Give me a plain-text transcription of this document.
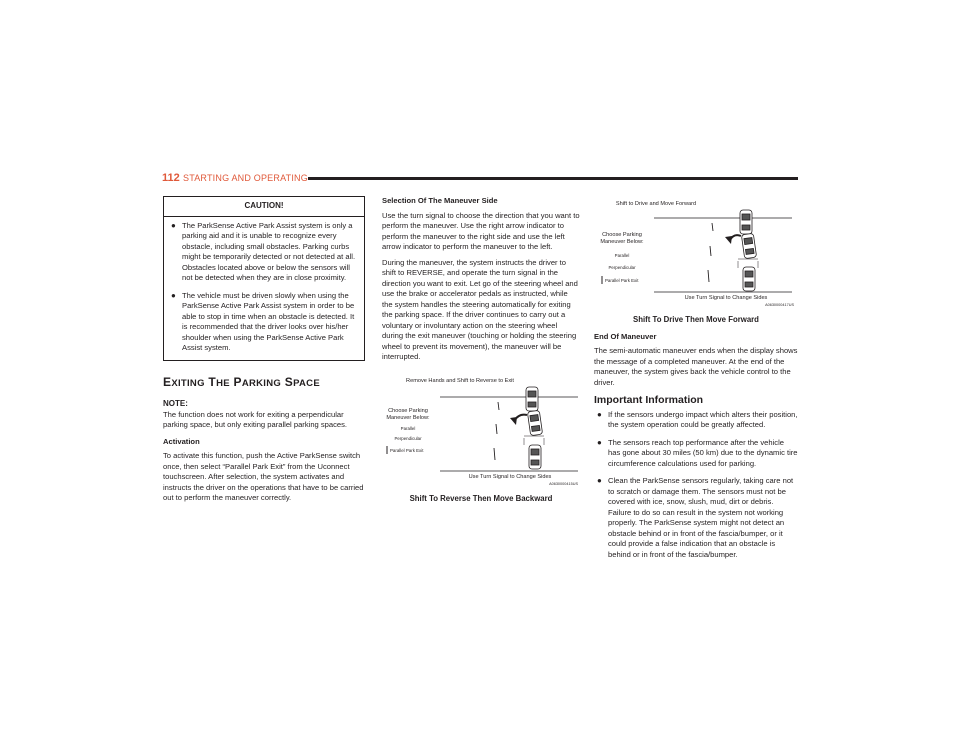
112 STARTING AND OPERATING
CAUTION!
● The ParkSense Active Park Assist system is only a parking aid and it is unable to recognize every obstacle, including small obstacles. Parking curbs might be temporarily detected or not detected at all. Obstacles located above or below the sensors will not be detected when they are in close proximity.
● The vehicle must be driven slowly when using the ParkSense Active Park Assist system in order to be able to stop in time when an obstacle is detected. It is recommended that the driver looks over his/her shoulder when using the ParkSense Active Park Assist system.
EXITING THE PARKING SPACE
NOTE:

The function does not work for exiting a perpendicular parking space, but only exiting parallel parking spaces.

Activation

To activate this function, push the Active ParkSense switch once, then select “Parallel Park Exit” from the Uconnect touchscreen. After selection, the system activates and instructs the driver on the operations that have to be carried out to perform the maneuver correctly.

Selection Of The Maneuver Side

Use the turn signal to choose the direction that you want to perform the maneuver. Use the right arrow indicator to perform the maneuver to the right side and use the left arrow indicator to perform the maneuver to the left.

During the maneuver, the system instructs the driver to shift to REVERSE, and operate the turn signal in the direction you want to exit. Let go of the steering wheel and use the brake or accelerator pedals as instructed, while the system handles the steering automatically for exiting the parking space. If the driver continues to carry out a voluntary or involuntary action on the steering wheel during the exit maneuver (touching or holding the steering wheel to prevent its movement), the maneuver will be interrupted.

Remove Hands and Shift to Reverse to Exit
Choose Parking
Maneuver Below:
Parallel
Perpendicular
Parallel Park Exit
Use Turn Signal to Change Sides
A0630000415US
Shift To Reverse Then Move Backward
Shift to Drive and Move Forward
Choose Parking
Maneuver Below:
Parallel
Perpendicular
Parallel Park Exit
Use Turn Signal to Change Sides
A0630000417US
Shift To Drive Then Move Forward
End Of Maneuver

The semi-automatic maneuver ends when the display shows the message of a completed maneuver. At the end of the maneuver, the system gives back the vehicle control to the driver.

Important Information
● If the sensors undergo impact which alters their position, the system operation could be greatly affected.
● The sensors reach top performance after the vehicle has gone about 30 miles (50 km) due to the dynamic tire circumference calculations used for parking.
● Clean the ParkSense sensors regularly, taking care not to scratch or damage them. The sensors must not be covered with ice, snow, slush, mud, dirt or debris. Failure to do so can result in the system not working properly. The ParkSense system might not detect an obstacle behind or in front of the fascia/bumper, or it could provide a false indication that an obstacle is behind or in front of the fascia/bumper.
